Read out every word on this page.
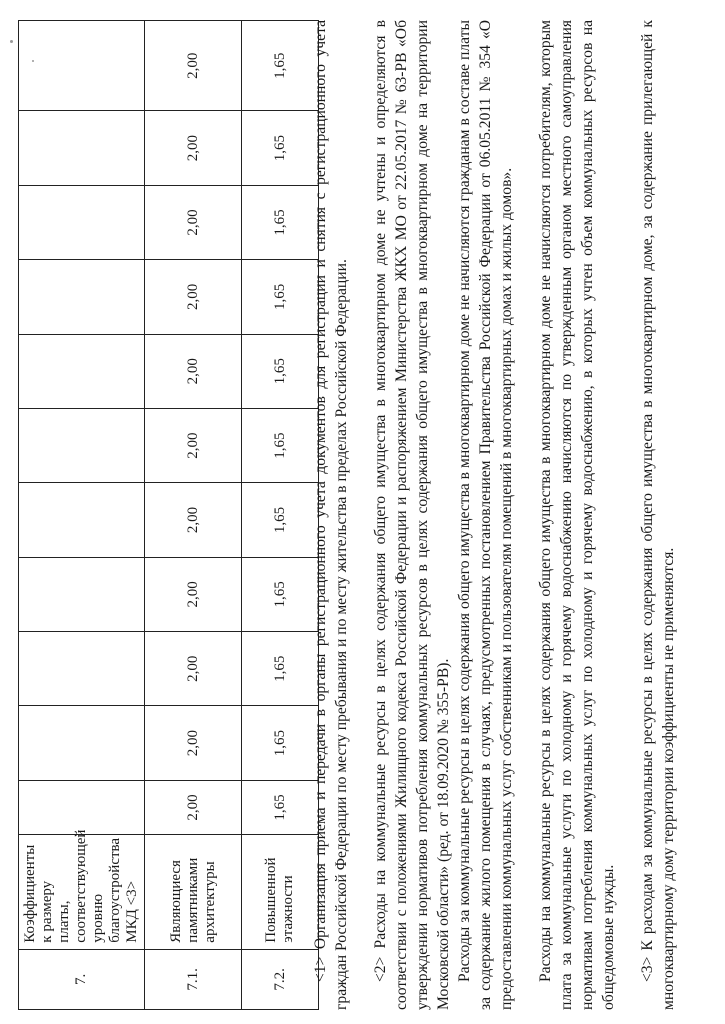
7.	Коэффициенты к размеру платы, соответствующей уровню благоустройства МКД <3>											
7.1.	Являющиеся памятниками архитектуры	2,00	2,00	2,00	2,00	2,00	2,00	2,00	2,00	2,00	2,00	2,00
7.2.	Повышенной этажности	1,65	1,65	1,65	1,65	1,65	1,65	1,65	1,65	1,65	1,65	1,65 <1> Организация приема и передачи в органы регистрационного учета документов для регистрации и снятия с регистрационного учета граждан Российской Федерации по месту пребывания и по месту жительства в пределах Российской Федерации. <2> Расходы на коммунальные ресурсы в целях содержания общего имущества в многоквартирном доме не учтены и определяются в соответствии с положениями Жилищного кодекса Российской Федерации и распоряжением Министерства ЖКХ МО от 22.05.2017 № 63-РВ «Об утверждении нормативов потребления коммунальных ресурсов в целях содержания общего имущества в многоквартирном доме на территории Московской области» (ред. от 18.09.2020 № 355-РВ). Расходы за коммунальные ресурсы в целях содержания общего имущества в многоквартирном доме не начисляются гражданам в составе платы за содержание жилого помещения в случаях, предусмотренных постановлением Правительства Российской Федерации от 06.05.2011 № 354 «О предоставлении коммунальных услуг собственникам и пользователям помещений в многоквартирных домах и жилых домов». Расходы на коммунальные ресурсы в целях содержания общего имущества в многоквартирном доме не начисляются потребителям, которым плата за коммунальные услуги по холодному и горячему водоснабжению начисляются по утвержденным органом местного самоуправления нормативам потребления коммунальных услуг по холодному и горячему водоснабжению, в которых учтен объем коммунальных ресурсов на общедомовые нужды. <3> К расходам за коммунальные ресурсы в целях содержания общего имущества в многоквартирном доме, за содержание прилегающей к многоквартирному дому территории коэффициенты не применяются.
